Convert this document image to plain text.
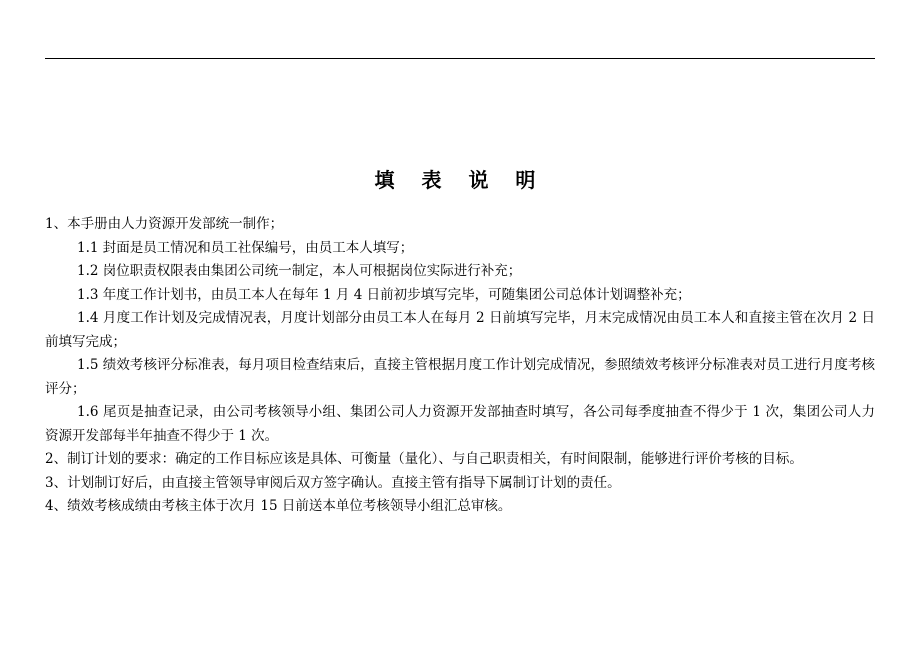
填 表 说 明

1、本手册由人力资源开发部统一制作；

1.1 封面是员工情况和员工社保编号，由员工本人填写；

1.2 岗位职责权限表由集团公司统一制定，本人可根据岗位实际进行补充；

1.3 年度工作计划书，由员工本人在每年 1 月 4 日前初步填写完毕，可随集团公司总体计划调整补充；

1.4 月度工作计划及完成情况表，月度计划部分由员工本人在每月 2 日前填写完毕，月末完成情况由员工本人和直接主管在次月 2 日前填写完成；

1.5 绩效考核评分标准表，每月项目检查结束后，直接主管根据月度工作计划完成情况，参照绩效考核评分标准表对员工进行月度考核评分；

1.6 尾页是抽查记录，由公司考核领导小组、集团公司人力资源开发部抽查时填写，各公司每季度抽查不得少于 1 次，集团公司人力资源开发部每半年抽查不得少于 1 次。

2、制订计划的要求：确定的工作目标应该是具体、可衡量（量化）、与自己职责相关，有时间限制，能够进行评价考核的目标。

3、计划制订好后，由直接主管领导审阅后双方签字确认。直接主管有指导下属制订计划的责任。

4、绩效考核成绩由考核主体于次月 15 日前送本单位考核领导小组汇总审核。
